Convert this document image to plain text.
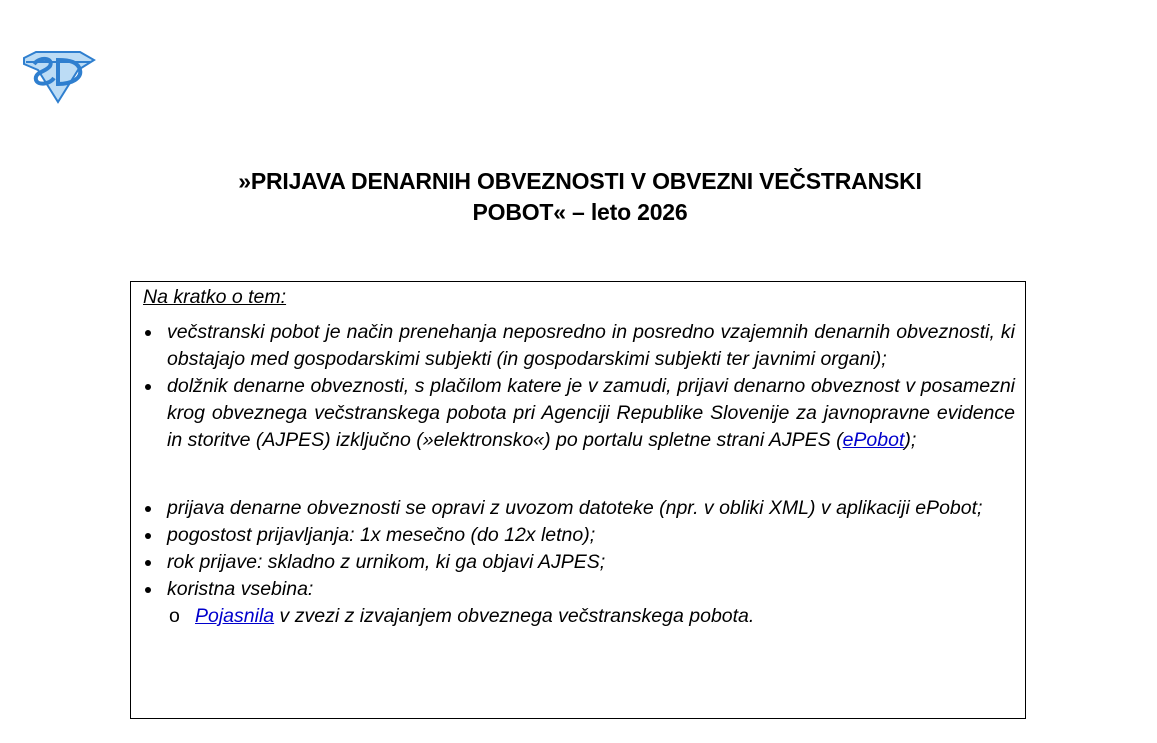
»PRIJAVA DENARNIH OBVEZNOSTI V OBVEZNI VEČSTRANSKI
POBOT« – leto 2026
Na kratko o tem:
večstranski pobot je način prenehanja neposredno in posredno vzajemnih denarnih obveznosti, ki obstajajo med gospodarskimi subjekti (in gospodarskimi subjekti ter javnimi organi);
dolžnik denarne obveznosti, s plačilom katere je v zamudi, prijavi denarno obveznost v posamezni krog obveznega večstranskega pobota pri Agenciji Republike Slovenije za javnopravne evidence in storitve (AJPES) izključno (»elektronsko«) po portalu spletne strani AJPES (ePobot);
prijava denarne obveznosti se opravi z uvozom datoteke (npr. v obliki XML) v aplikaciji ePobot;
pogostost prijavljanja: 1x mesečno (do 12x letno);
rok prijave: skladno z urnikom, ki ga objavi AJPES;
koristna vsebina:
o Pojasnila v zvezi z izvajanjem obveznega večstranskega pobota.
